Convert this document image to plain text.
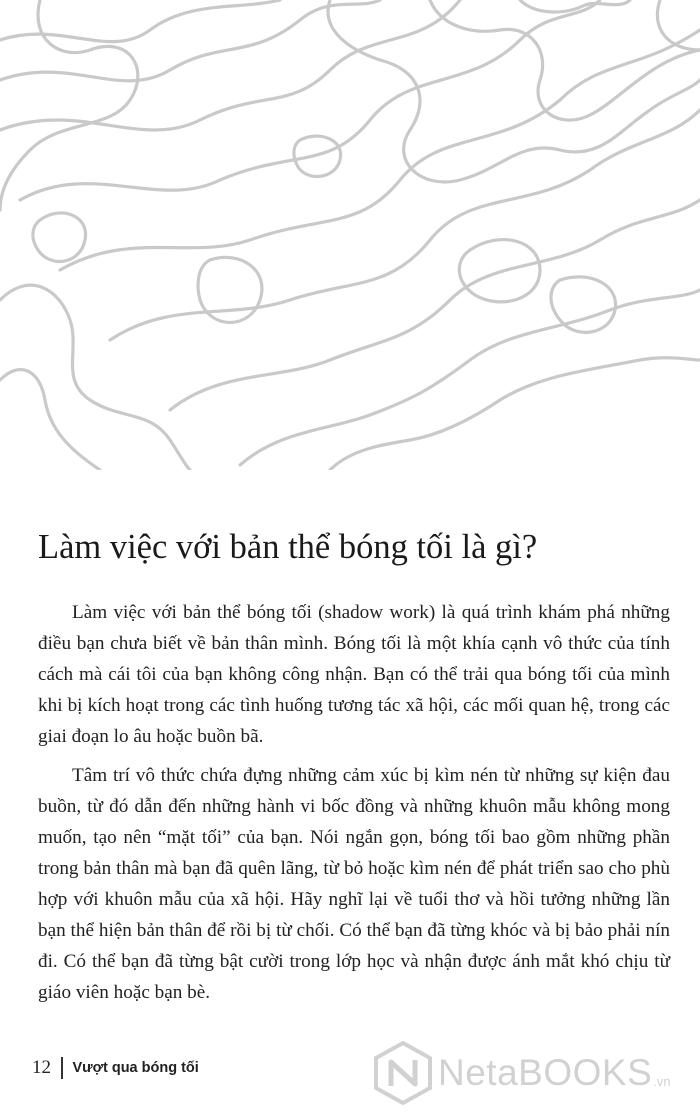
Làm việc với bản thể bóng tối là gì?

Làm việc với bản thể bóng tối (shadow work) là quá trình khám phá những điều bạn chưa biết về bản thân mình. Bóng tối là một khía cạnh vô thức của tính cách mà cái tôi của bạn không công nhận. Bạn có thể trải qua bóng tối của mình khi bị kích hoạt trong các tình huống tương tác xã hội, các mối quan hệ, trong các giai đoạn lo âu hoặc buồn bã.

Tâm trí vô thức chứa đựng những cảm xúc bị kìm nén từ những sự kiện đau buồn, từ đó dẫn đến những hành vi bốc đồng và những khuôn mẫu không mong muốn, tạo nên “mặt tối” của bạn. Nói ngắn gọn, bóng tối bao gồm những phần trong bản thân mà bạn đã quên lãng, từ bỏ hoặc kìm nén để phát triển sao cho phù hợp với khuôn mẫu của xã hội. Hãy nghĩ lại về tuổi thơ và hồi tưởng những lần bạn thể hiện bản thân để rồi bị từ chối. Có thể bạn đã từng khóc và bị bảo phải nín đi. Có thể bạn đã từng bật cười trong lớp học và nhận được ánh mắt khó chịu từ giáo viên hoặc bạn bè.

12 Vượt qua bóng tối	NetaBOOKS .vn
